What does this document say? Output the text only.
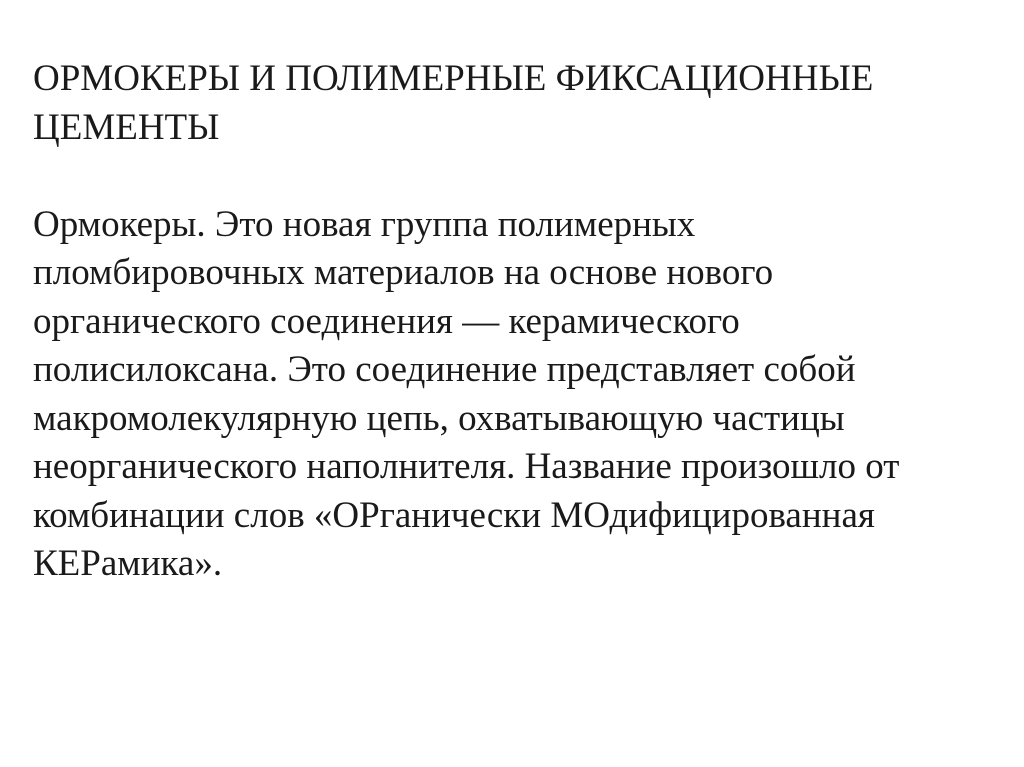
ОРМОКЕРЫ И ПОЛИМЕРНЫЕ ФИКСАЦИОННЫЕ
ЦЕМЕНТЫ
Ормокеры. Это новая группа полимерных
пломбировочных материалов на основе нового
органического соединения — керамического
полисилоксана. Это соединение представляет собой
макромолекулярную цепь, охватывающую частицы
неорганического наполнителя. Название произошло от
комбинации слов «ОРганически МОдифицированная
КЕРамика».
